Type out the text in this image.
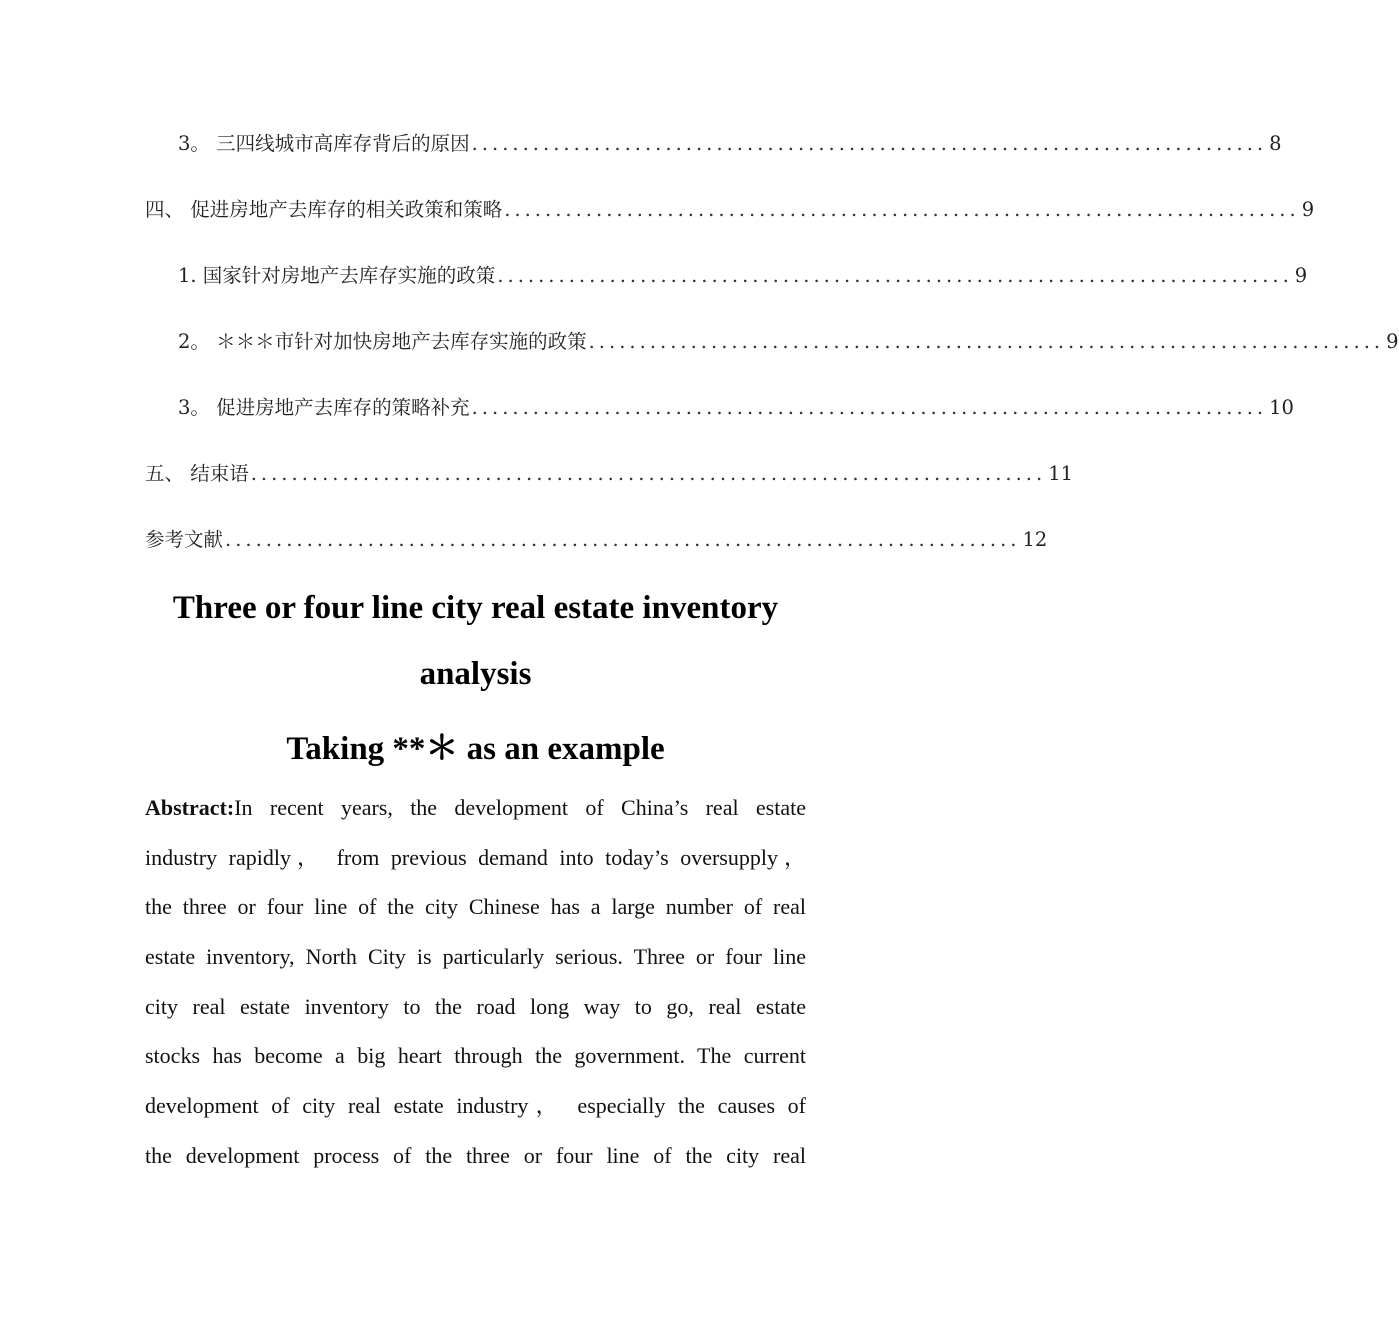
3。 三四线城市高库存背后的原因 .............................................................................. 8
四、 促进房地产去库存的相关政策和策略 .............................................................................. 9
1. 国家针对房地产去库存实施的政策 .............................................................................. 9
2。 ＊＊＊市针对加快房地产去库存实施的政策 .............................................................................. 9
3。 促进房地产去库存的策略补充 .............................................................................. 10
五、 结束语 .............................................................................. 11
参考文献 .............................................................................. 12
Three or four line city real estate inventory
analysis
Taking **＊ as an example
Abstract:In recent years, the development of China’s real estate
industry rapidly， from previous demand into today’s oversupply，
the three or four line of the city Chinese has a large number of real
estate inventory, North City is particularly serious. Three or four line
city real estate inventory to the road long way to go, real estate
stocks has become a big heart through the government. The current
development of city real estate industry， especially the causes of
the development process of the three or four line of the city real
